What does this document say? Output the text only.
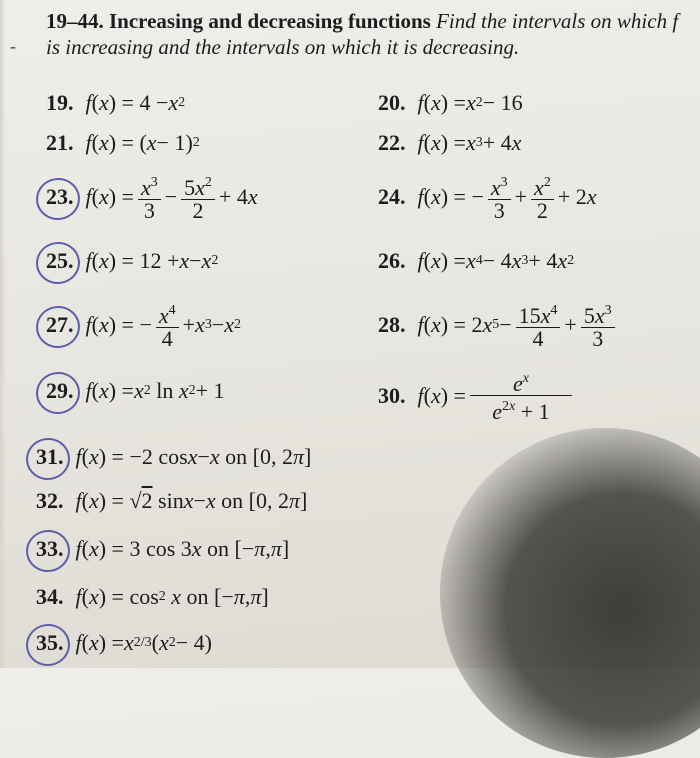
-
19–44. Increasing and decreasing functions Find the intervals on which f is increasing and the intervals on which it is decreasing.
19. f ( x ) = 4 − x 2	20. f ( x ) = x 2 − 16
21. f ( x ) = ( x − 1) 2	22. f ( x ) = x 3 + 4 x
23. f ( x ) = $\frac{x^3}{3} - \frac{5x^2}{2} + 4$ x	24. f ( x ) = − $\frac{x^3}{3} + \frac{x^2}{2} + 2$ x
25. f ( x ) = 12 + x − x 2	26. f ( x ) = x 4 − 4 x 3 + 4 x 2
27. f ( x ) = − $\frac{x^4}{4} + x$ 3 − x 2	28. f ( x ) = 2 x $5 - \frac{15x^4}{4} + \frac{5x^3}{3}$
29. f ( x ) = x 2 ln x 2 + 1	30. f ( x ) = $\frac{e^x}{e^{2x} + 1}$
31. f ( x ) = −2 cos x − x on [0, 2 π ]
32. f ( x ) = √ 2 sin x − x on [0, 2 π ]
33. f ( x ) = 3 cos 3 x on [− π , π ]
34. f ( x ) = cos 2
x on [− π , π ]
35. f ( x ) = x 2/3 ( x 2 − 4)
